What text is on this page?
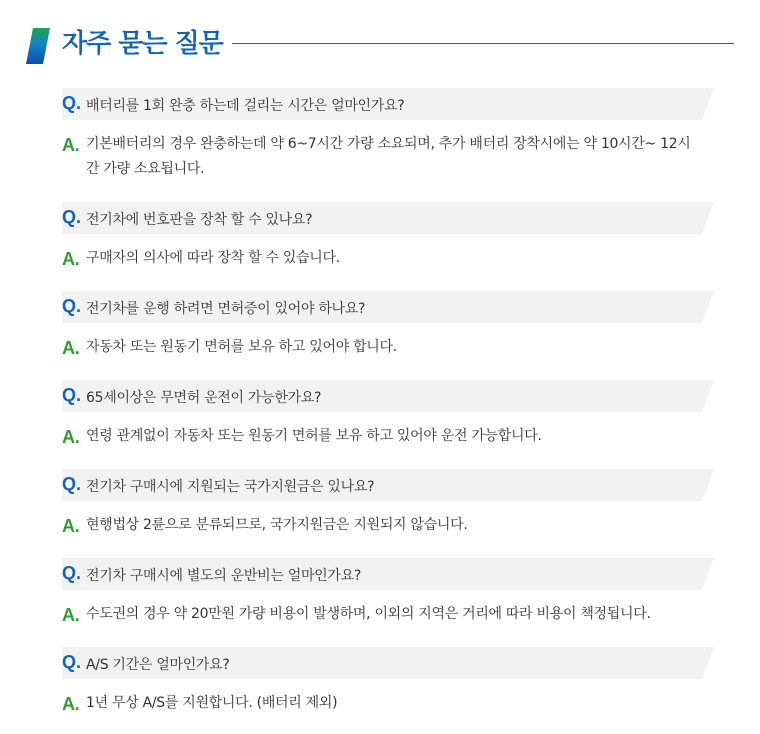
자주 묻는 질문
Q. 배터리를 1회 완충 하는데 걸리는 시간은 얼마인가요?
A. 기본배터리의 경우 완충하는데 약 6~7시간 가량 소요되며, 추가 배터리 장착시에는 약 10시간~ 12시간 가량 소요됩니다.
Q. 전기차에 번호판을 장착 할 수 있나요?
A. 구매자의 의사에 따라 장착 할 수 있습니다.
Q. 전기차를 운행 하려면 면허증이 있어야 하나요?
A. 자동차 또는 원동기 면허를 보유 하고 있어야 합니다.
Q. 65세이상은 무면허 운전이 가능한가요?
A. 연령 관계없이 자동차 또는 원동기 면허를 보유 하고 있어야 운전 가능합니다.
Q. 전기차 구매시에 지원되는 국가지원금은 있나요?
A. 현행법상 2륜으로 분류되므로, 국가지원금은 지원되지 않습니다.
Q. 전기차 구매시에 별도의 운반비는 얼마인가요?
A. 수도권의 경우 약 20만원 가량 비용이 발생하며, 이외의 지역은 거리에 따라 비용이 책정됩니다.
Q. A/S 기간은 얼마인가요?
A. 1년 무상 A/S를 지원합니다. (배터리 제외)
